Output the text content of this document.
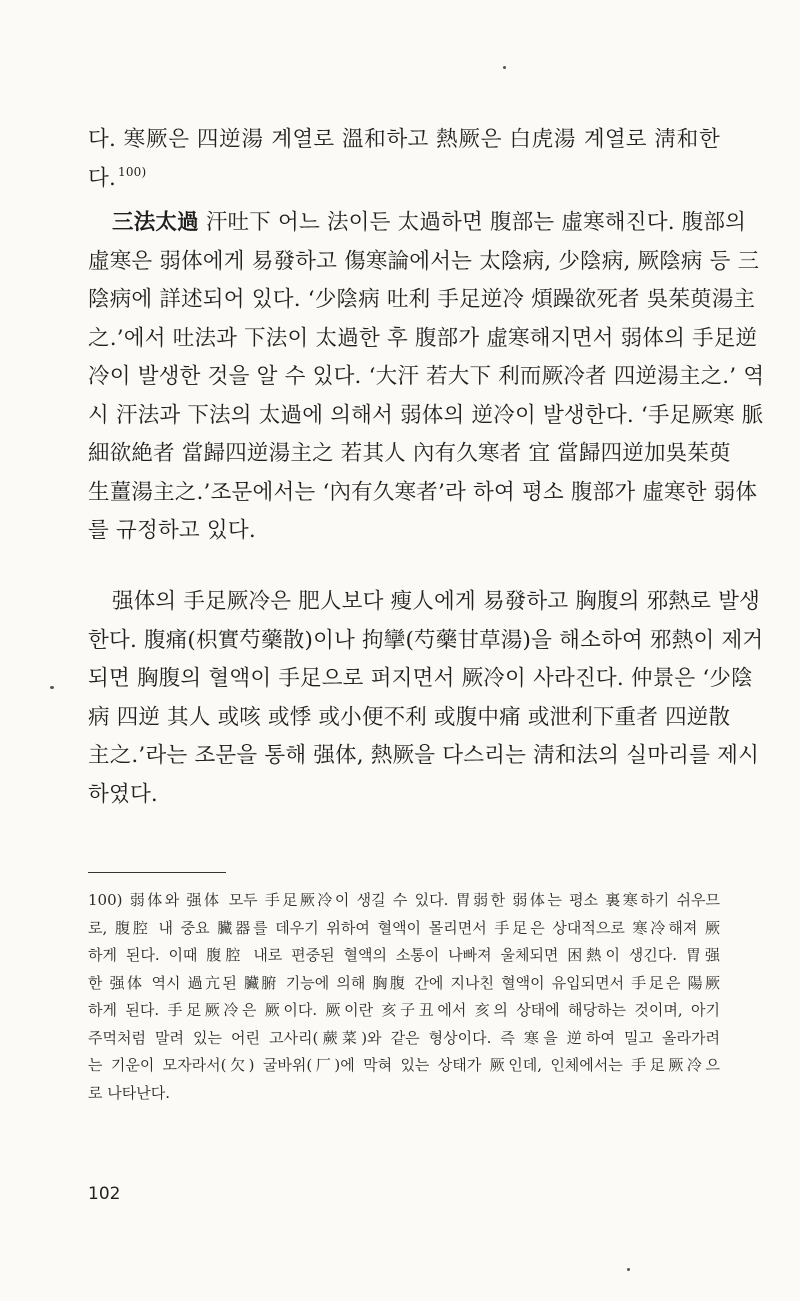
다. 寒厥은 四逆湯 계열로 溫和하고 熱厥은 白虎湯 계열로 淸和한
다. $^{100)}$
三法太過 汗吐下 어느 法이든 太過하면 腹部는 虛寒해진다. 腹部의
虛寒은 弱体에게 易發하고 傷寒論에서는 太陰病, 少陰病, 厥陰病 등 三
陰病에 詳述되어 있다. ‘少陰病 吐利 手足逆冷 煩躁欲死者 吳茱萸湯主
之.’에서 吐法과 下法이 太過한 후 腹部가 虛寒해지면서 弱体의 手足逆
冷이 발생한 것을 알 수 있다. ‘大汗 若大下 利而厥冷者 四逆湯主之.’ 역
시 汗法과 下法의 太過에 의해서 弱体의 逆冷이 발생한다. ‘手足厥寒 脈
細欲絶者 當歸四逆湯主之 若其人 內有久寒者 宜 當歸四逆加吳茱萸
生薑湯主之.’조문에서는 ‘內有久寒者’라 하여 평소 腹部가 虛寒한 弱体
를 규정하고 있다.
强体의 手足厥冷은 肥人보다 瘦人에게 易發하고 胸腹의 邪熱로 발생
한다. 腹痛(枳實芍藥散)이나 拘攣(芍藥甘草湯)을 해소하여 邪熱이 제거
되면 胸腹의 혈액이 手足으로 퍼지면서 厥冷이 사라진다. 仲景은 ‘少陰
病 四逆 其人 或咳 或悸 或小便不利 或腹中痛 或泄利下重者 四逆散
主之.’라는 조문을 통해 强体, 熱厥을 다스리는 淸和法의 실마리를 제시
하였다.
100) 弱体와 强体 모두 手足厥冷이 생길 수 있다. 胃弱한 弱体는 평소 裏寒하기 쉬우므
로, 腹腔 내 중요 臟器를 데우기 위하여 혈액이 몰리면서 手足은 상대적으로 寒冷해져 厥
하게 된다. 이때 腹腔 내로 편중된 혈액의 소통이 나빠져 울체되면 困熱이 생긴다. 胃强
한 强体 역시 過亢된 臟腑 기능에 의해 胸腹 간에 지나친 혈액이 유입되면서 手足은 陽厥
하게 된다. 手足厥冷은 厥이다. 厥이란 亥子丑에서 亥의 상태에 해당하는 것이며, 아기
주먹처럼 말려 있는 어린 고사리(蕨菜)와 같은 형상이다. 즉 寒을 逆하여 밀고 올라가려
는 기운이 모자라서(欠) 굴바위(厂)에 막혀 있는 상태가 厥인데, 인체에서는 手足厥冷으
로 나타난다.
102
